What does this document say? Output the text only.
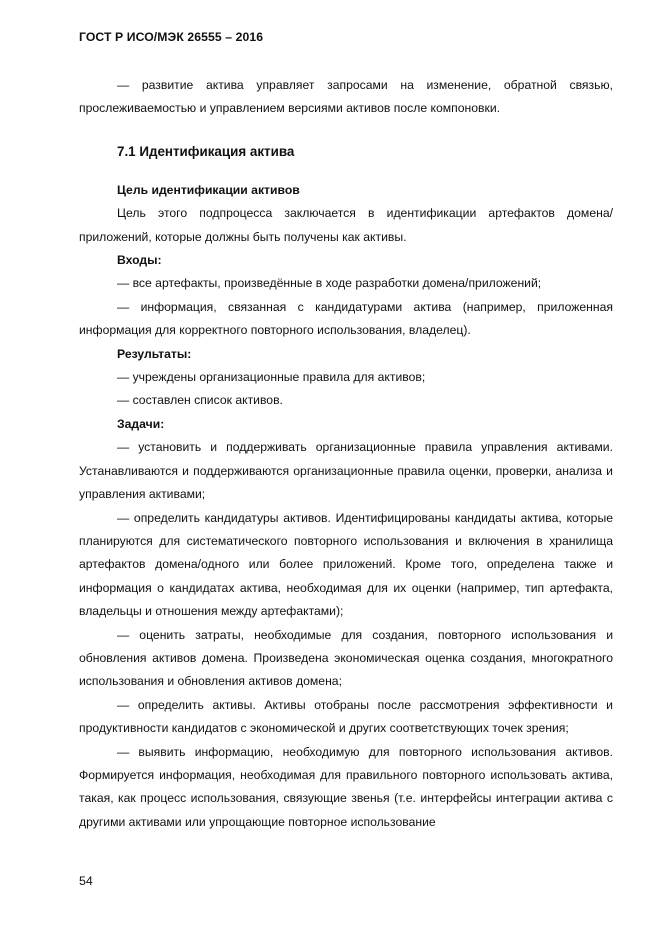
ГОСТ Р ИСО/МЭК 26555 – 2016

— развитие актива управляет запросами на изменение, обратной связью, прослеживаемостью и управлением версиями активов после компоновки.

7.1 Идентификация актива
Цель идентификации активов

Цель этого подпроцесса заключается в идентификации артефактов домена/приложений, которые должны быть получены как активы.

Входы:

— все артефакты, произведённые в ходе разработки домена/приложений;

— информация, связанная с кандидатурами актива (например, приложенная информация для корректного повторного использования, владелец).

Результаты:

— учреждены организационные правила для активов;

— составлен список активов.

Задачи:

— установить и поддерживать организационные правила управления активами. Устанавливаются и поддерживаются организационные правила оценки, проверки, анализа и управления активами;

— определить кандидатуры активов. Идентифицированы кандидаты актива, которые планируются для систематического повторного использования и включения в хранилища артефактов домена/одного или более приложений. Кроме того, определена также и информация о кандидатах актива, необходимая для их оценки (например, тип артефакта, владельцы и отношения между артефактами);

— оценить затраты, необходимые для создания, повторного использования и обновления активов домена. Произведена экономическая оценка создания, многократного использования и обновления активов домена;

— определить активы. Активы отобраны после рассмотрения эффективности и продуктивности кандидатов с экономической и других соответствующих точек зрения;

— выявить информацию, необходимую для повторного использования активов. Формируется информация, необходимая для правильного повторного использовать актива, такая, как процесс использования, связующие звенья (т.е. интерфейсы интеграции актива с другими активами или упрощающие повторное использование

54
